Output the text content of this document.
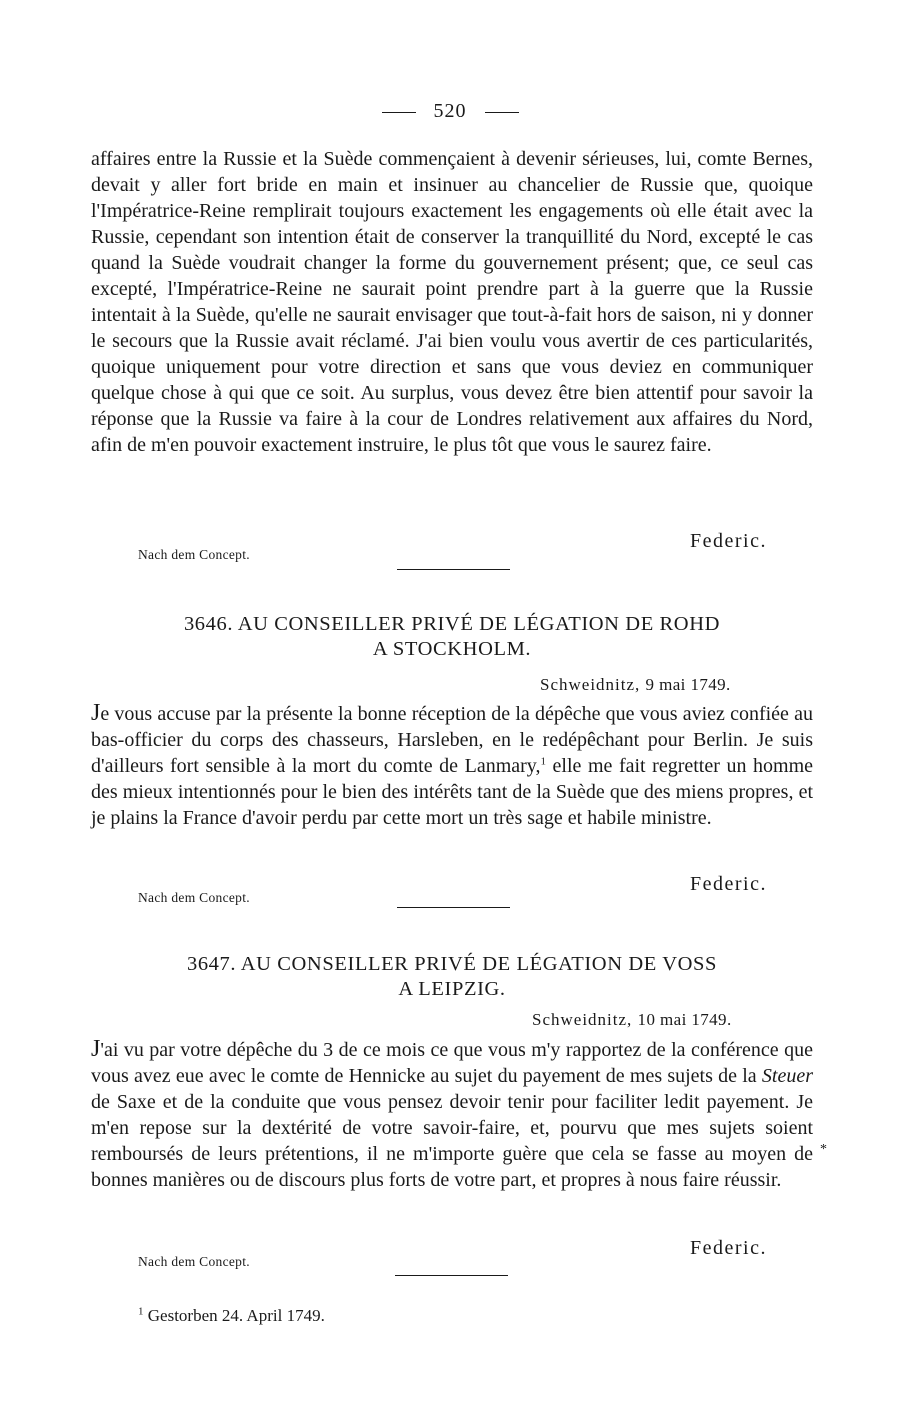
520
affaires entre la Russie et la Suède commençaient à devenir sérieuses, lui, comte Bernes, devait y aller fort bride en main et insinuer au chancelier de Russie que, quoique l'Impératrice-Reine remplirait toujours exactement les engagements où elle était avec la Russie, cependant son intention était de conserver la tranquillité du Nord, excepté le cas quand la Suède voudrait changer la forme du gouvernement présent; que, ce seul cas excepté, l'Impératrice-Reine ne saurait point prendre part à la guerre que la Russie intentait à la Suède, qu'elle ne saurait envisager que tout-à-fait hors de saison, ni y donner le secours que la Russie avait réclamé. J'ai bien voulu vous avertir de ces particularités, quoique uniquement pour votre direction et sans que vous deviez en communiquer quelque chose à qui que ce soit. Au surplus, vous devez être bien attentif pour savoir la réponse que la Russie va faire à la cour de Londres relativement aux affaires du Nord, afin de m'en pouvoir exactement instruire, le plus tôt que vous le saurez faire.
Federic.
Nach dem Concept.
3646. AU CONSEILLER PRIVÉ DE LÉGATION DE ROHD
A STOCKHOLM.
Schweidnitz, 9 mai 1749.
Je vous accuse par la présente la bonne réception de la dépêche que vous aviez confiée au bas-officier du corps des chasseurs, Harsleben, en le redépêchant pour Berlin. Je suis d'ailleurs fort sensible à la mort du comte de Lanmary,$^1$ elle me fait regretter un homme des mieux intentionnés pour le bien des intérêts tant de la Suède que des miens propres, et je plains la France d'avoir perdu par cette mort un très sage et habile ministre.
Federic.
Nach dem Concept.
3647. AU CONSEILLER PRIVÉ DE LÉGATION DE VOSS
A LEIPZIG.
Schweidnitz, 10 mai 1749.
J'ai vu par votre dépêche du 3 de ce mois ce que vous m'y rapportez de la conférence que vous avez eue avec le comte de Hennicke au sujet du payement de mes sujets de la Steuer de Saxe et de la conduite que vous pensez devoir tenir pour faciliter ledit payement. Je m'en repose sur la dextérité de votre savoir-faire, et, pourvu que mes sujets soient remboursés de leurs prétentions, il ne m'importe guère que cela se fasse au moyen de bonnes manières ou de discours plus forts de votre part, et propres à nous faire réussir.
*
Federic.
Nach dem Concept.
$^1$ Gestorben 24. April 1749.
